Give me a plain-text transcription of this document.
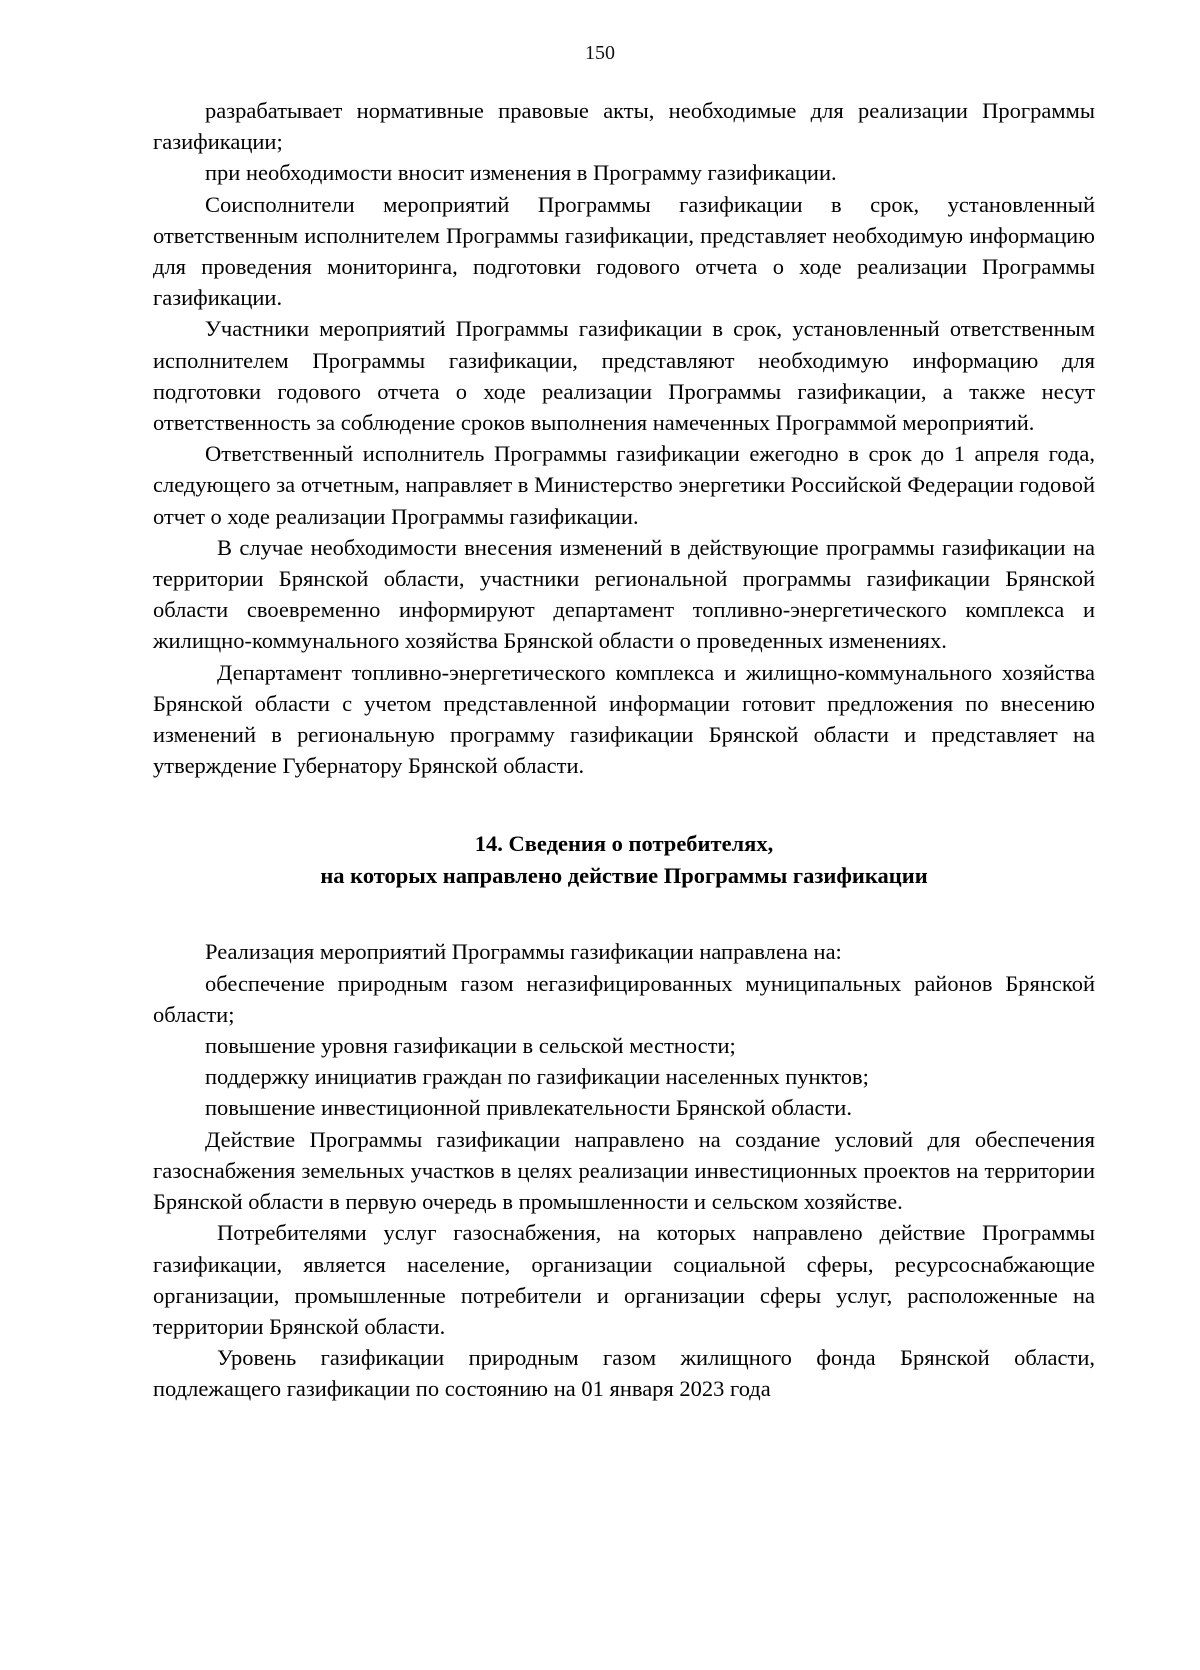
150

разрабатывает нормативные правовые акты, необходимые для реализации Программы газификации;

при необходимости вносит изменения в Программу газификации.

Соисполнители мероприятий Программы газификации в срок, установленный ответственным исполнителем Программы газификации, представляет необходимую информацию для проведения мониторинга, подготовки годового отчета о ходе реализации Программы газификации.

Участники мероприятий Программы газификации в срок, установленный ответственным исполнителем Программы газификации, представляют необходимую информацию для подготовки годового отчета о ходе реализации Программы газификации, а также несут ответственность за соблюдение сроков выполнения намеченных Программой мероприятий.

Ответственный исполнитель Программы газификации ежегодно в срок до 1 апреля года, следующего за отчетным, направляет в Министерство энергетики Российской Федерации годовой отчет о ходе реализации Программы газификации.

В случае необходимости внесения изменений в действующие программы газификации на территории Брянской области, участники региональной программы газификации Брянской области своевременно информируют департамент топливно-энергетического комплекса и жилищно-коммунального хозяйства Брянской области о проведенных изменениях.

Департамент топливно-энергетического комплекса и жилищно-коммунального хозяйства Брянской области с учетом представленной информации готовит предложения по внесению изменений в региональную программу газификации Брянской области и представляет на утверждение Губернатору Брянской области.

14. Сведения о потребителях,
на которых направлено действие Программы газификации

Реализация мероприятий Программы газификации направлена на:

обеспечение природным газом негазифицированных муниципальных районов Брянской области;

повышение уровня газификации в сельской местности;

поддержку инициатив граждан по газификации населенных пунктов;

повышение инвестиционной привлекательности Брянской области.

Действие Программы газификации направлено на создание условий для обеспечения газоснабжения земельных участков в целях реализации инвестиционных проектов на территории Брянской области в первую очередь в промышленности и сельском хозяйстве.

Потребителями услуг газоснабжения, на которых направлено действие Программы газификации, является население, организации социальной сферы, ресурсоснабжающие организации, промышленные потребители и организации сферы услуг, расположенные на территории Брянской области.

Уровень газификации природным газом жилищного фонда Брянской области, подлежащего газификации по состоянию на 01 января 2023 года
